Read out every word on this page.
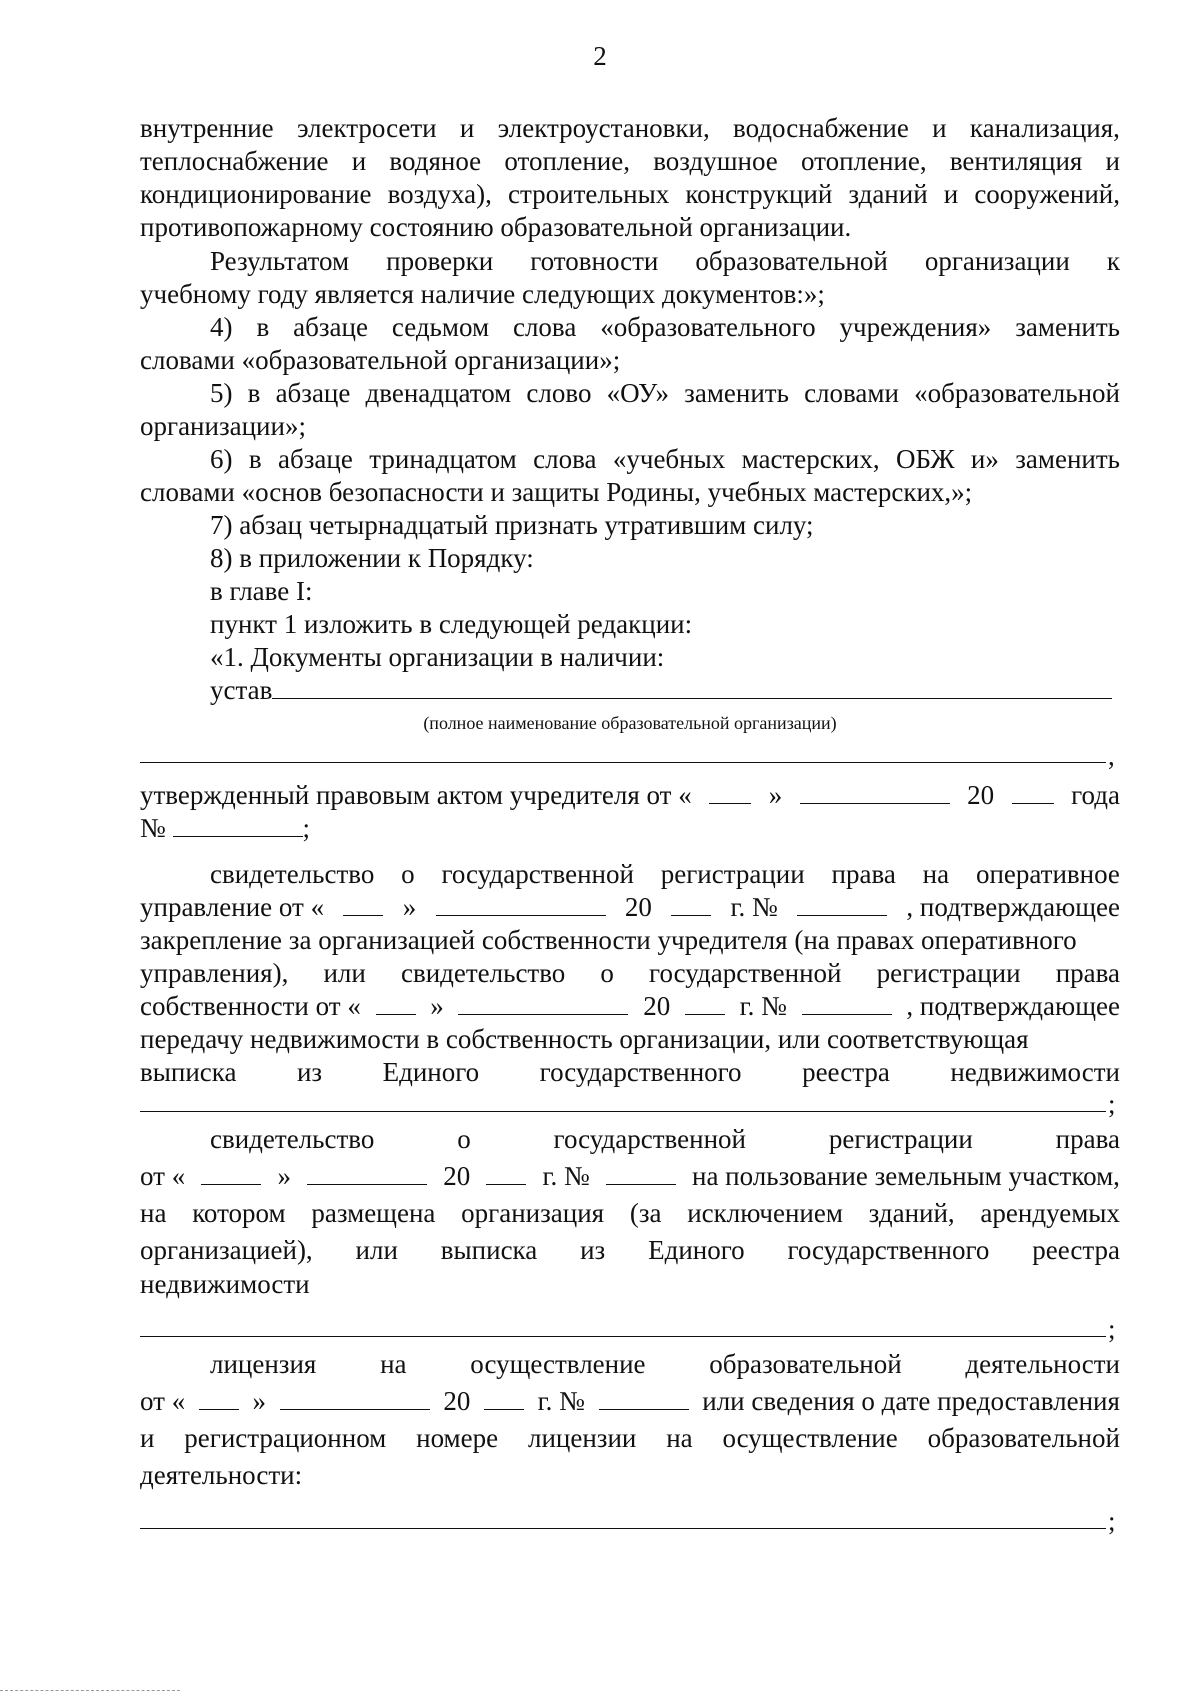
2
внутренние электросети и электроустановки, водоснабжение и канализация,
теплоснабжение и водяное отопление, воздушное отопление, вентиляция и
кондиционирование воздуха), строительных конструкций зданий и сооружений,
противопожарному состоянию образовательной организации.
Результатом проверки готовности образовательной организации к
учебному году является наличие следующих документов:»;
4) в абзаце седьмом слова «образовательного учреждения» заменить
словами «образовательной организации»;
5) в абзаце двенадцатом слово «ОУ» заменить словами «образовательной
организации»;
6) в абзаце тринадцатом слова «учебных мастерских, ОБЖ и» заменить
словами «основ безопасности и защиты Родины, учебных мастерских,»;
7) абзац четырнадцатый признать утратившим силу;
8) в приложении к Порядку:
в главе I:
пункт 1 изложить в следующей редакции:
«1. Документы организации в наличии:
устав
(полное наименование образовательной организации)
,
утвержденный правовым актом учредителя от «	»	20	года
№	;
свидетельство о государственной регистрации права на оперативное
управление от «	»	20	г. №	, подтверждающее
закрепление за организацией собственности учредителя (на правах оперативного
управления), или свидетельство о государственной регистрации права
собственности от «	»	20	г. №	, подтверждающее
передачу недвижимости в собственность организации, или соответствующая
выписка из Единого государственного реестра недвижимости
;
свидетельство	о	государственной	регистрации	права
от «	»	20	г. №	на пользование земельным участком,
на котором размещена организация (за исключением зданий, арендуемых
организацией), или выписка из Единого государственного реестра
недвижимости
;
лицензия на осуществление образовательной деятельности
от « »	20 г. №	или сведения о дате предоставления
и регистрационном номере лицензии на осуществление образовательной
деятельности:
;
